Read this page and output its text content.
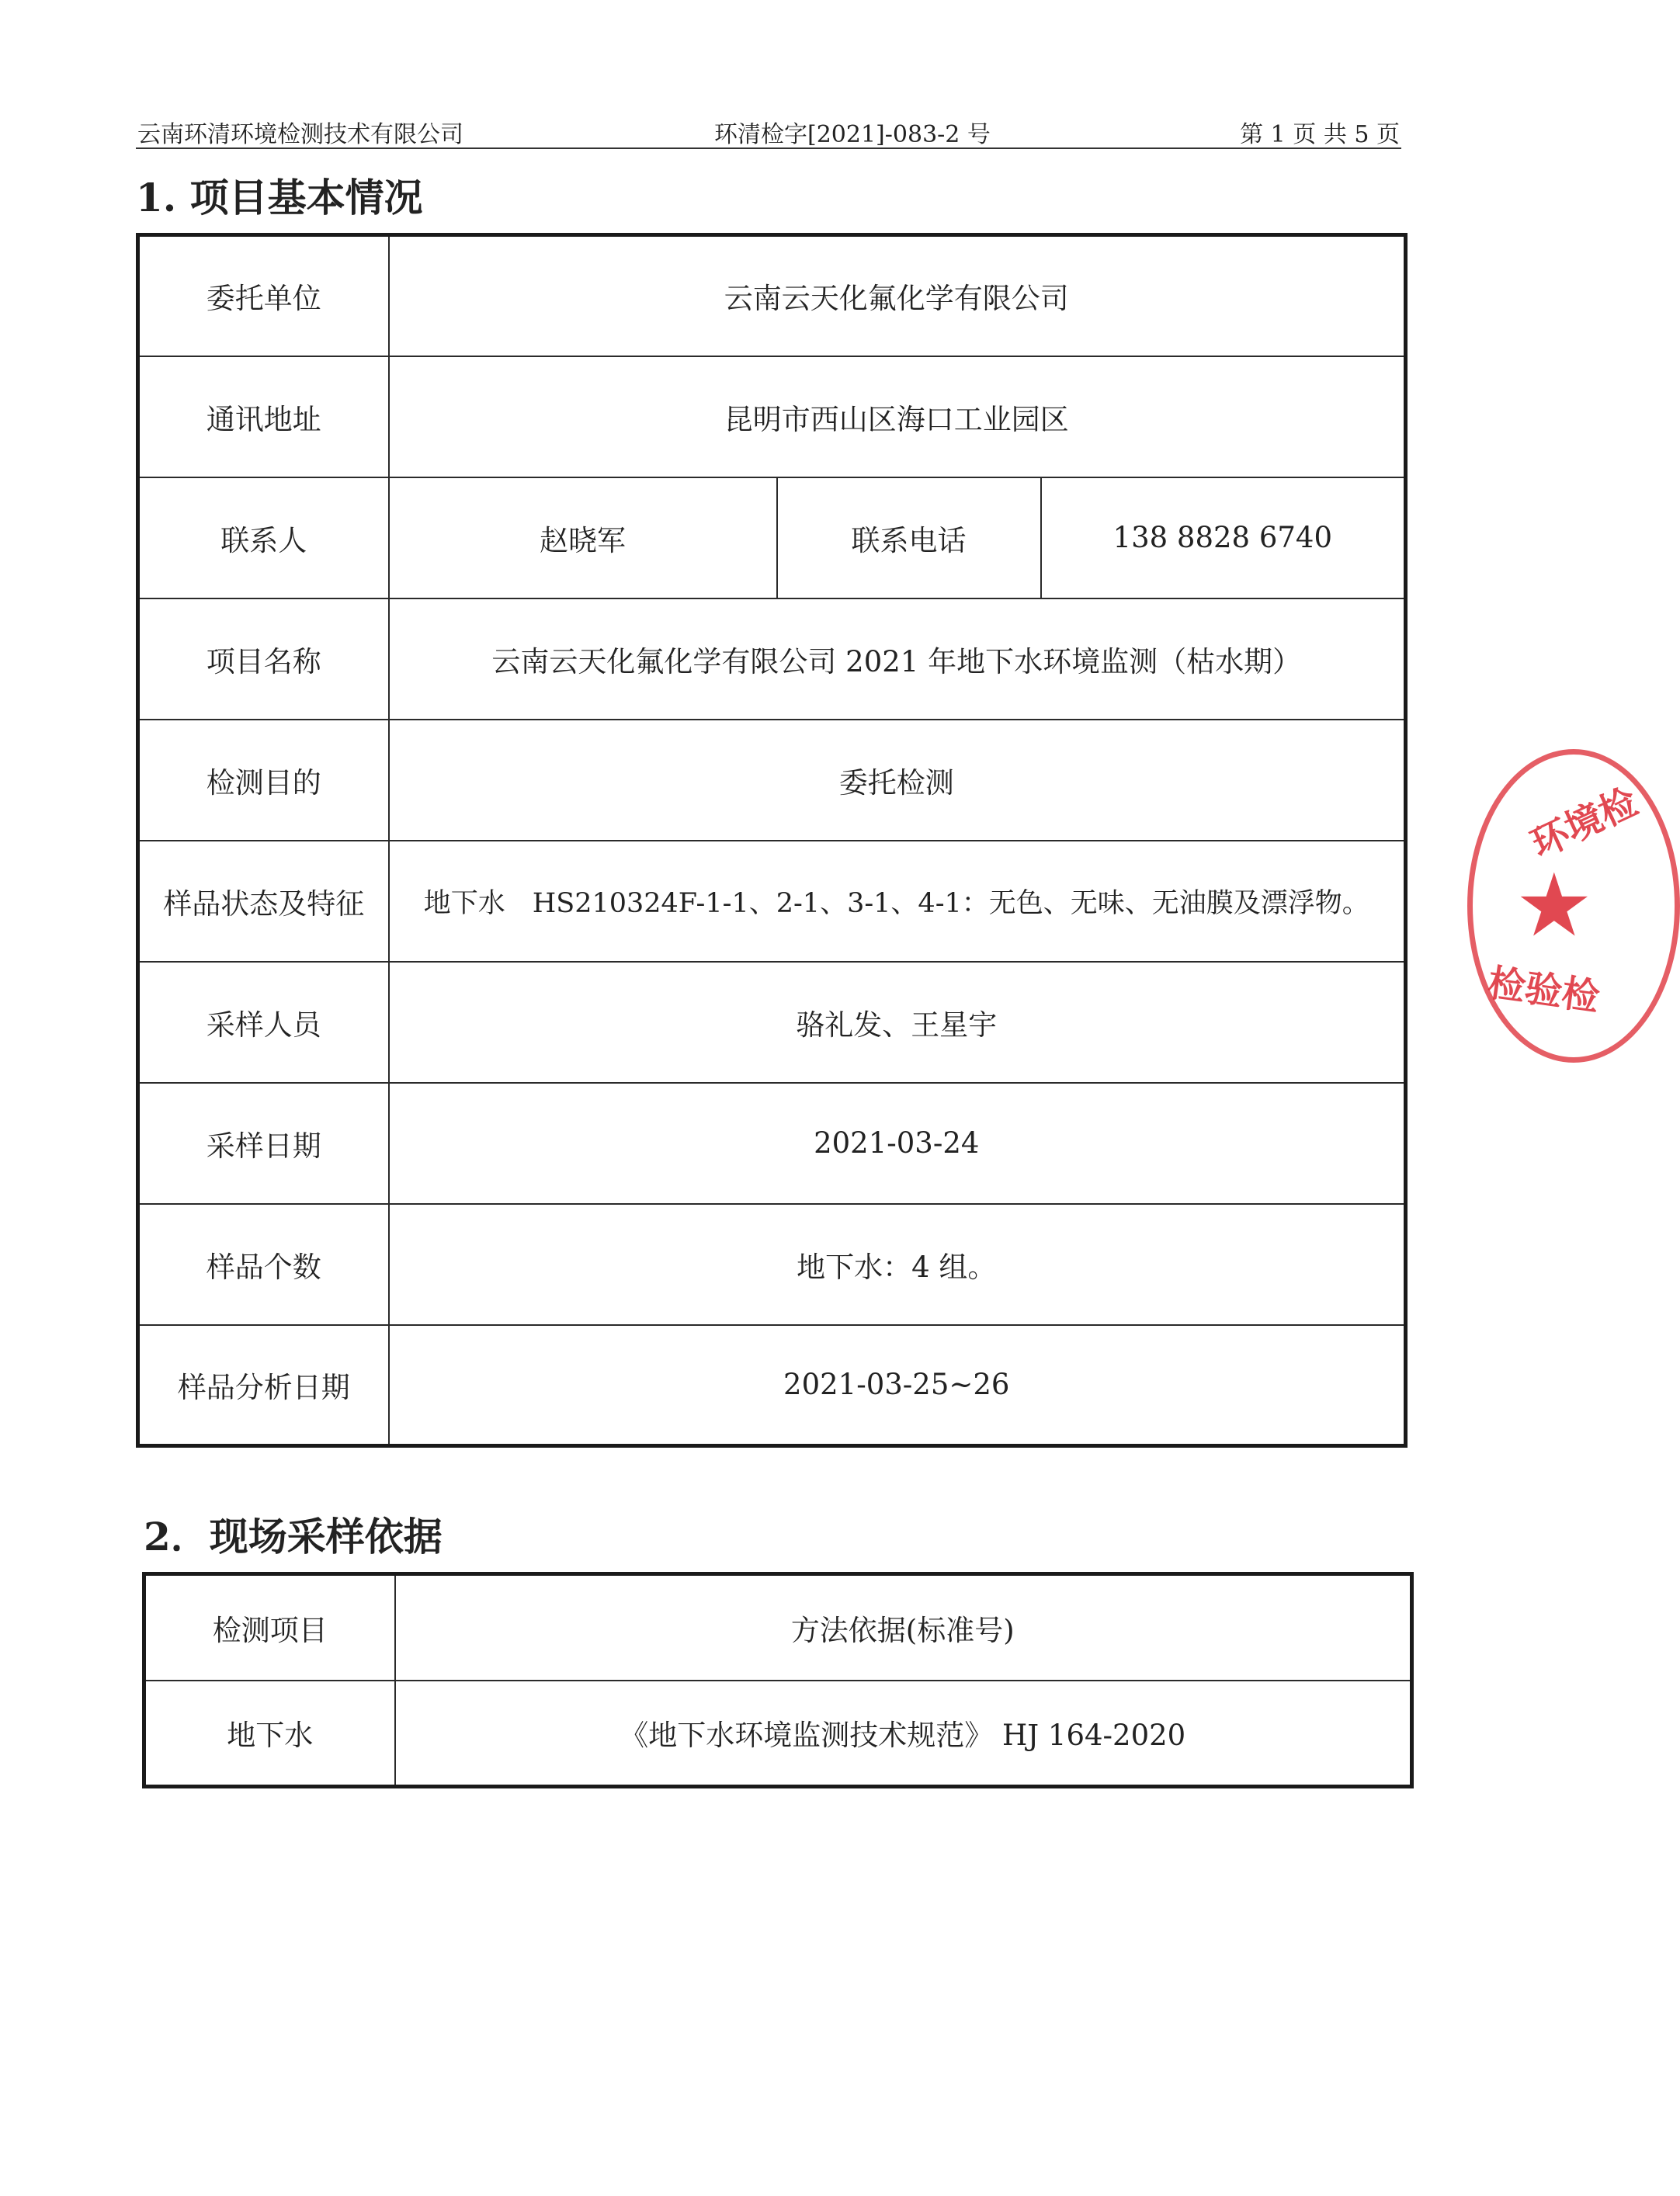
云南环清环境检测技术有限公司	环清检字[2021]-083-2 号	第 1 页 共 5 页
1. 项目基本情况
委托单位	云南云天化氟化学有限公司		
通讯地址	昆明市西山区海口工业园区		
联系人	赵晓军	联系电话	138 8828 6740
项目名称	云南云天化氟化学有限公司 2021 年地下水环境监测（枯水期）		
检测目的	委托检测		
样品状态及特征	地下水　HS210324F-1-1、2-1、3-1、4-1：无色、无味、无油膜及漂浮物。		
采样人员	骆礼发、王星宇		
采样日期	2021-03-24		
样品个数	地下水：4 组。		
样品分析日期	2021-03-25~26		
2．现场采样依据
检测项目	方法依据(标准号)
地下水	《地下水环境监测技术规范》 HJ 164-2020
环境检
★
检验检
